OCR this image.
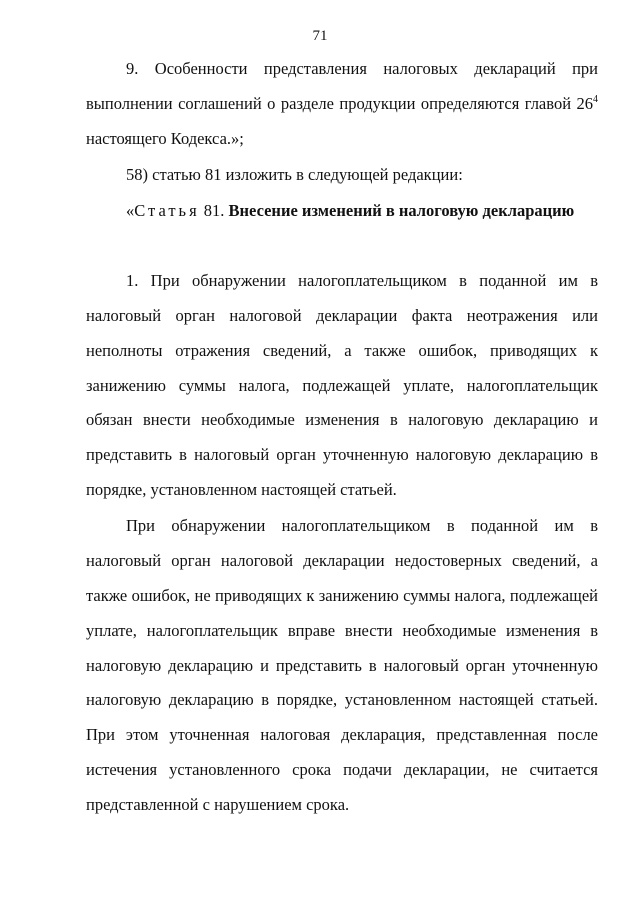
71

9. Особенности представления налоговых деклараций при выполнении соглашений о разделе продукции определяются главой $26^4$ настоящего Кодекса.»;

58) статью 81 изложить в следующей редакции:

«Статья 81. Внесение изменений в налоговую декларацию

1. При обнаружении налогоплательщиком в поданной им в налоговый орган налоговой декларации факта неотражения или неполноты отражения сведений, а также ошибок, приводящих к занижению суммы налога, подлежащей уплате, налогоплательщик обязан внести необходимые изменения в налоговую декларацию и представить в налоговый орган уточненную налоговую декларацию в порядке, установленном настоящей статьей.

При обнаружении налогоплательщиком в поданной им в налоговый орган налоговой декларации недостоверных сведений, а также ошибок, не приводящих к занижению суммы налога, подлежащей уплате, налогоплательщик вправе внести необходимые изменения в налоговую декларацию и представить в налоговый орган уточненную налоговую декларацию в порядке, установленном настоящей статьей. При этом уточненная налоговая декларация, представленная после истечения установленного срока подачи декларации, не считается представленной с нарушением срока.
